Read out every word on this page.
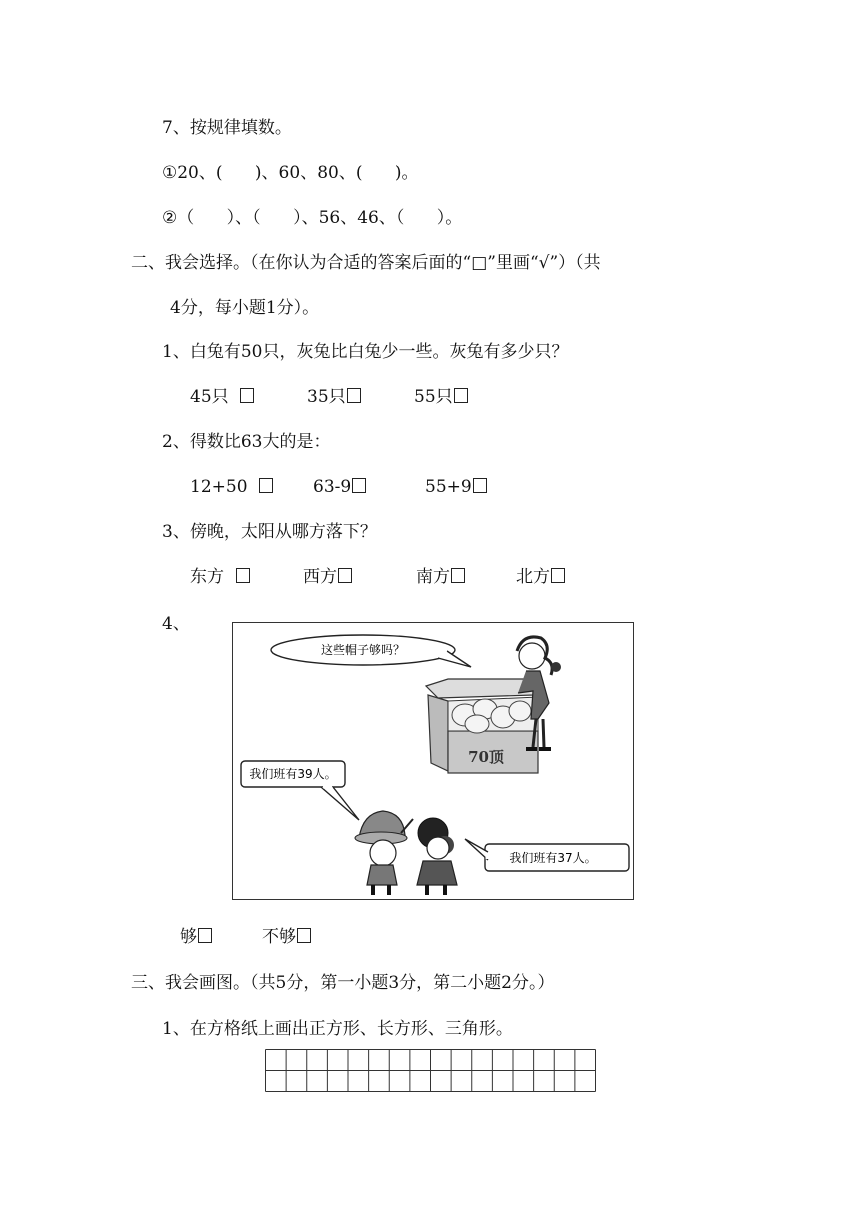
7、按规律填数。
①20、(      )、60、80、(      )。
②（      ）、（      ）、56、46、（      ）。
二、我会选择。（在你认为合适的答案后面的“□”里画“√”）（共
4分，每小题1分）。
1、白兔有50只，灰兔比白兔少一些。灰兔有多少只？
45只	35只	55只
2、得数比63大的是：
12+50	63-9	55+9
3、傍晚，太阳从哪方落下？
东方	西方	南方	北方
4、
这些帽子够吗？
70顶
我们班有39人。
我们班有37人。
够	不够
三、我会画图。（共5分，第一小题3分，第二小题2分。）
1、在方格纸上画出正方形、长方形、三角形。
